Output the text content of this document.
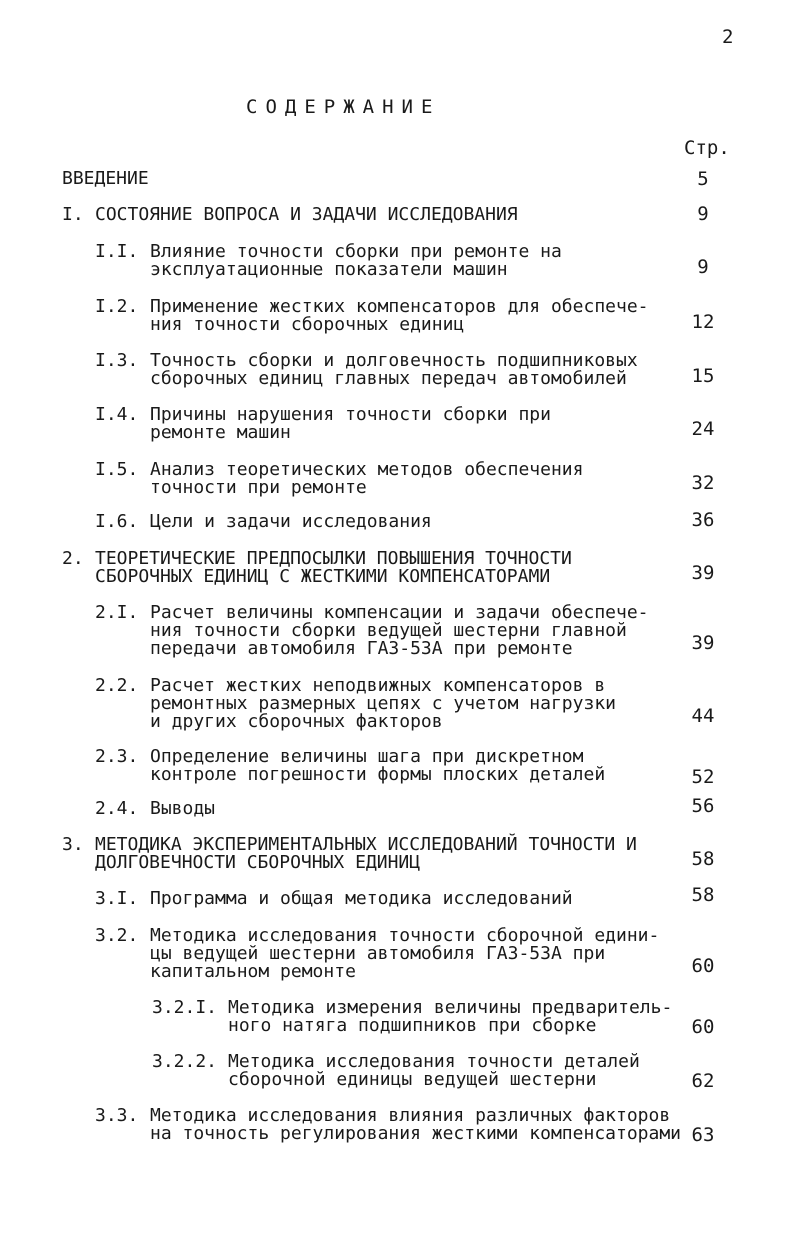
2
СОДЕРЖАНИЕ
Стр.
ВВЕДЕНИЕ	5
I. СОСТОЯНИЕ ВОПРОСА И ЗАДАЧИ ИССЛЕДОВАНИЯ	9
I.I. Влияние точности сборки при ремонте на
эксплуатационные показатели машин	9
I.2. Применение жестких компенсаторов для обеспече-
ния точности сборочных единиц	12
I.3. Точность сборки и долговечность подшипниковых
сборочных единиц главных передач автомобилей	15
I.4. Причины нарушения точности сборки при
ремонте машин	24
I.5. Анализ теоретических методов обеспечения
точности при ремонте	32
I.6. Цели и задачи исследования	36
2. ТЕОРЕТИЧЕСКИЕ ПРЕДПОСЫЛКИ ПОВЫШЕНИЯ ТОЧНОСТИ
СБОРОЧНЫХ ЕДИНИЦ С ЖЕСТКИМИ КОМПЕНСАТОРАМИ	39
2.I. Расчет величины компенсации и задачи обеспече-
ния точности сборки ведущей шестерни главной
передачи автомобиля ГАЗ-53А при ремонте	39
2.2. Расчет жестких неподвижных компенсаторов в
ремонтных размерных цепях с учетом нагрузки
и других сборочных факторов	44
2.3. Определение величины шага при дискретном
контроле погрешности формы плоских деталей	52
2.4. Выводы	56
3. МЕТОДИКА ЭКСПЕРИМЕНТАЛЬНЫХ ИССЛЕДОВАНИЙ ТОЧНОСТИ И
ДОЛГОВЕЧНОСТИ СБОРОЧНЫХ ЕДИНИЦ	58
3.I. Программа и общая методика исследований	58
3.2. Методика исследования точности сборочной едини-
цы ведущей шестерни автомобиля ГАЗ-53А при
капитальном ремонте	60
3.2.I. Методика измерения величины предваритель-
ного натяга подшипников при сборке	60
3.2.2. Методика исследования точности деталей
сборочной единицы ведущей шестерни	62
3.3. Методика исследования влияния различных факторов
на точность регулирования жесткими компенсаторами 63
